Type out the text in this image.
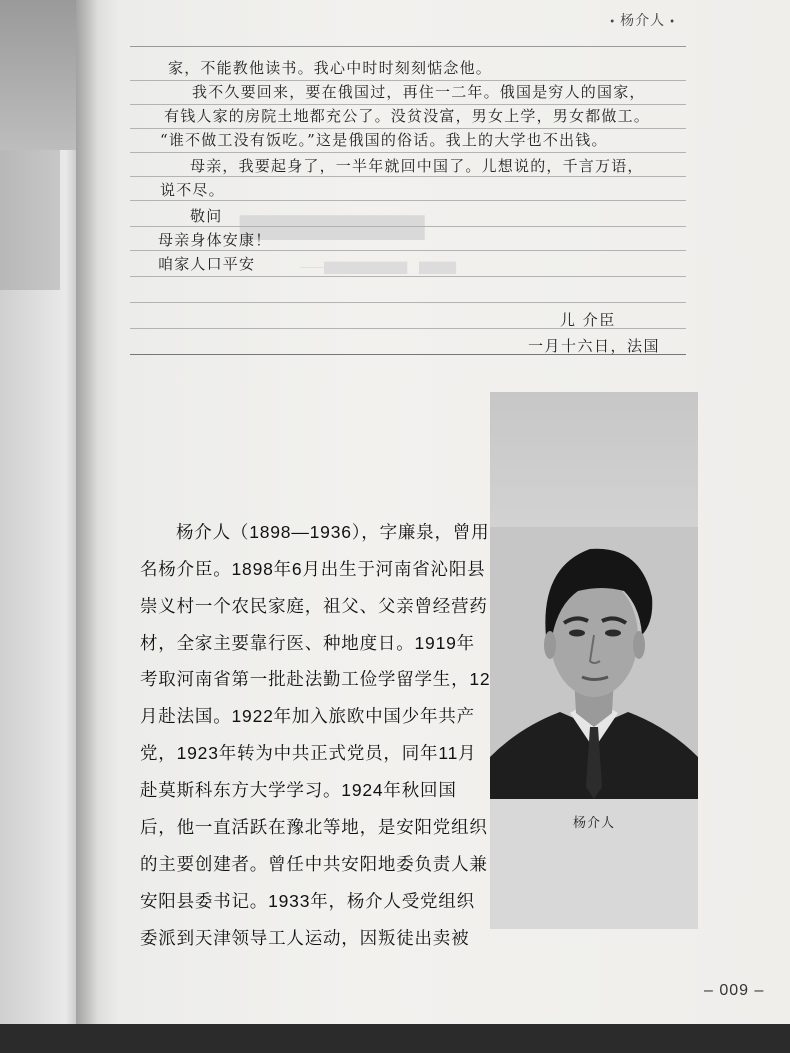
▇▇▇▇▇▇▇▇▇▇
——▇▇▇▇▇▇▇▇▇　▇▇▇▇
• 杨介人 •
家，不能教他读书。我心中时时刻刻惦念他。
我不久要回来，要在俄国过，再住一二年。俄国是穷人的国家，
有钱人家的房院土地都充公了。没贫没富，男女上学，男女都做工。
“谁不做工没有饭吃。”这是俄国的俗话。我上的大学也不出钱。
母亲，我要起身了，一半年就回中国了。儿想说的，千言万语，
说不尽。
敬问
母亲身体安康！
咱家人口平安
儿 介臣
一月十六日，法国
杨介人
杨介人（1898—1936），字廉泉，曾用
名杨介臣。1898年6月出生于河南省沁阳县
崇义村一个农民家庭，祖父、父亲曾经营药
材，全家主要靠行医、种地度日。1919年
考取河南省第一批赴法勤工俭学留学生，12
月赴法国。1922年加入旅欧中国少年共产
党，1923年转为中共正式党员，同年11月
赴莫斯科东方大学学习。1924年秋回国
后，他一直活跃在豫北等地，是安阳党组织
的主要创建者。曾任中共安阳地委负责人兼
安阳县委书记。1933年，杨介人受党组织
委派到天津领导工人运动，因叛徒出卖被
– 009 –
